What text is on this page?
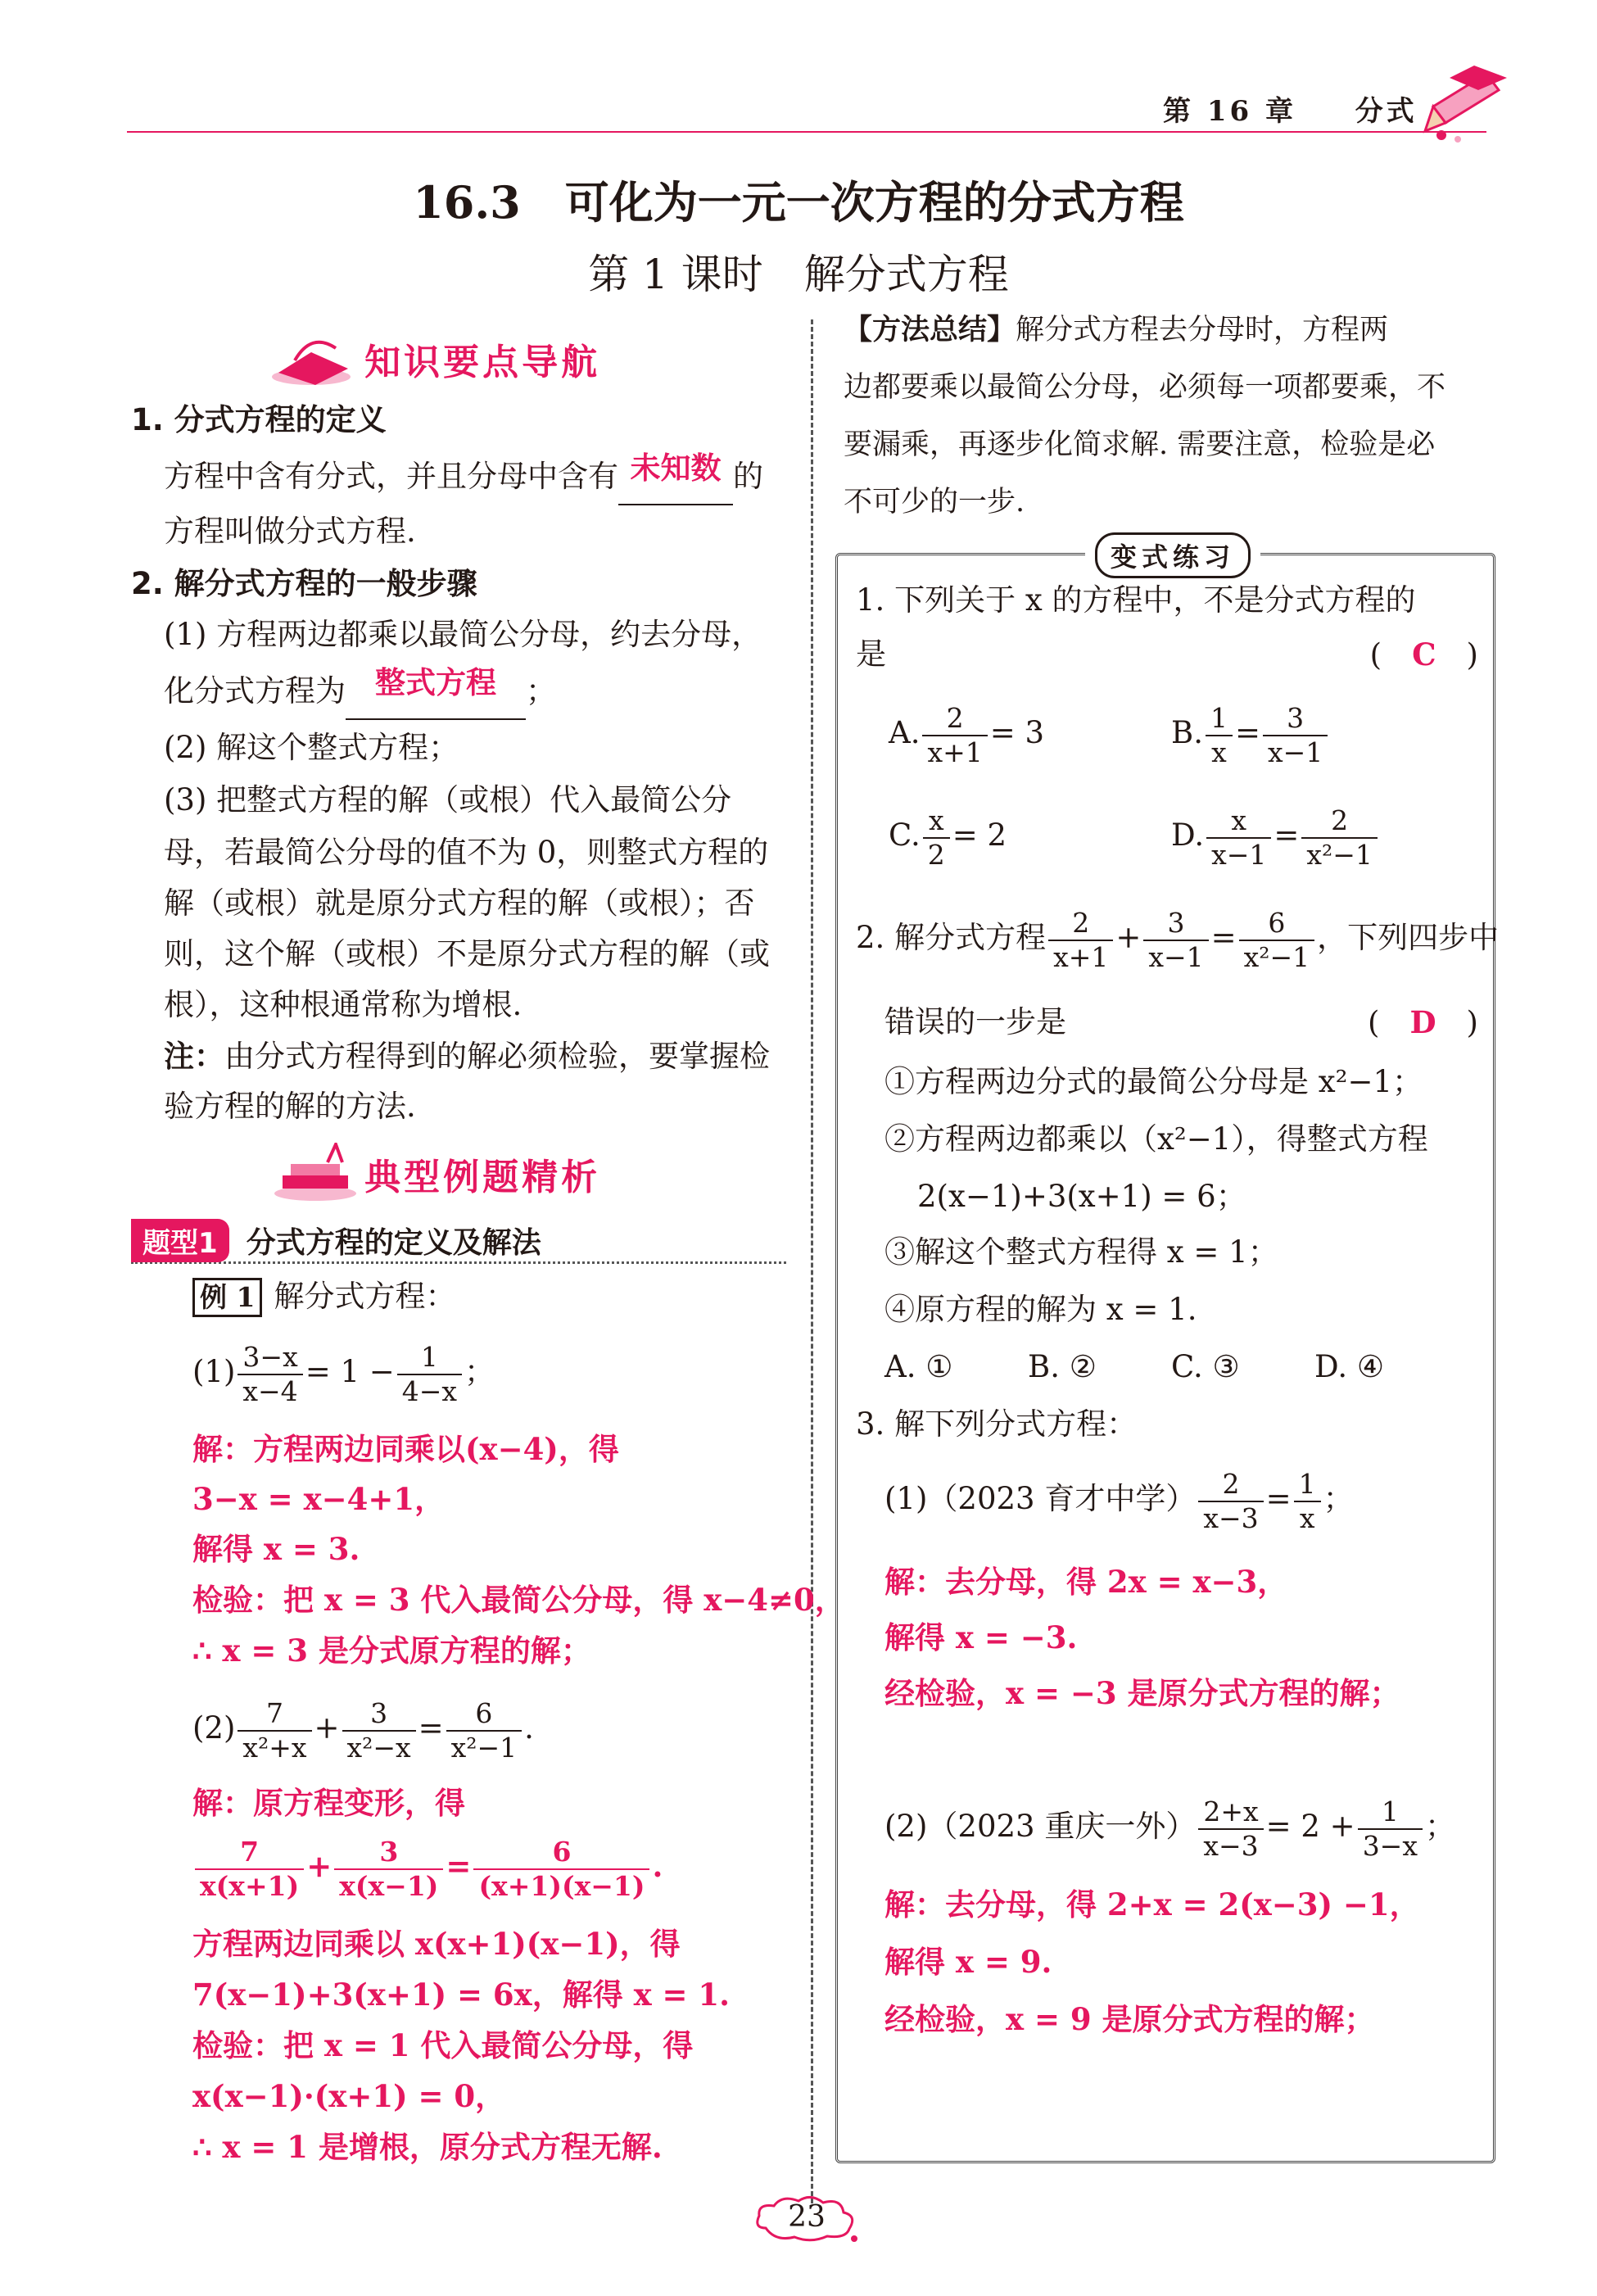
第 16 章 分式
16.3　可化为一元一次方程的分式方程
第 1 课时　解分式方程
知识要点导航
1. 分式方程的定义
方程中含有分式，并且分母中含有 未知数 的
方程叫做分式方程.
2. 解分式方程的一般步骤
(1) 方程两边都乘以最简公分母，约去分母，
化分式方程为 整式方程 ；
(2) 解这个整式方程；
(3) 把整式方程的解（或根）代入最简公分
母，若最简公分母的值不为 0，则整式方程的
解（或根）就是原分式方程的解（或根）；否
则，这个解（或根）不是原分式方程的解（或
根），这种根通常称为增根.
注：由分式方程得到的解必须检验，要掌握检
验方程的解的方法.
典型例题精析
题型1 分式方程的定义及解法
例 1 解分式方程：
$(1) \frac{3-x}{x-4} = 1 - \frac{1}{4-x}$ ；
解：方程两边同乘以(x−4)，得
3−x = x−4+1，
解得 x = 3.
检验：把 x = 3 代入最简公分母，得 x−4≠0，
∴ x = 3 是分式原方程的解；
$(2) \frac{7}{\text{x²+x}} + \frac{3}{\text{x²−x}} = \frac{6}{\text{x²−1}}$ .
解：原方程变形，得
$\frac{7}{x(x+1)} + \frac{3}{x(x-1)} = \frac{6}{(x+1)(x-1)}$ .
方程两边同乘以 x(x+1)(x−1)，得
7(x−1)+3(x+1) = 6x，解得 x = 1.
检验：把 x = 1 代入最简公分母，得
x(x−1)·(x+1) = 0，
∴ x = 1 是增根，原分式方程无解.
【方法总结】解分式方程去分母时，方程两
边都要乘以最简公分母，必须每一项都要乘，不
要漏乘，再逐步化简求解. 需要注意，检验是必
不可少的一步.
变式练习
1. 下列关于 x 的方程中，不是分式方程的
是	(　C　)
A. $\frac{2}{x+1} = 3$	B. $\frac{1}{x} = \frac{3}{x-1}$
C. $\frac{x}{2} = 2$	D. $\frac{x}{x-1} = \frac{2}{\text{x²−1}}$
2. 解分式方程 $\frac{2}{x+1} + \frac{3}{x-1} = \frac{6}{\text{x²−1}}$ ，下列四步中
错误的一步是	(　D　)
①方程两边分式的最简公分母是 x²−1；
②方程两边都乘以（x²−1），得整式方程
2(x−1)+3(x+1) = 6；
③解这个整式方程得 x = 1；
④原方程的解为 x = 1.
A. ① B. ② C. ③ D. ④
3. 解下列分式方程：
(1)（2023 育才中学） $\frac{2}{x-3} = \frac{1}{x}$ ；
解：去分母，得 2x = x−3，
解得 x = −3.
经检验，x = −3 是原分式方程的解；
(2)（2023 重庆一外） $\frac{2+x}{x-3} = 2 + \frac{1}{3-x}$ ；
解：去分母，得 2+x = 2(x−3) −1，
解得 x = 9.
经检验，x = 9 是原分式方程的解；
23
